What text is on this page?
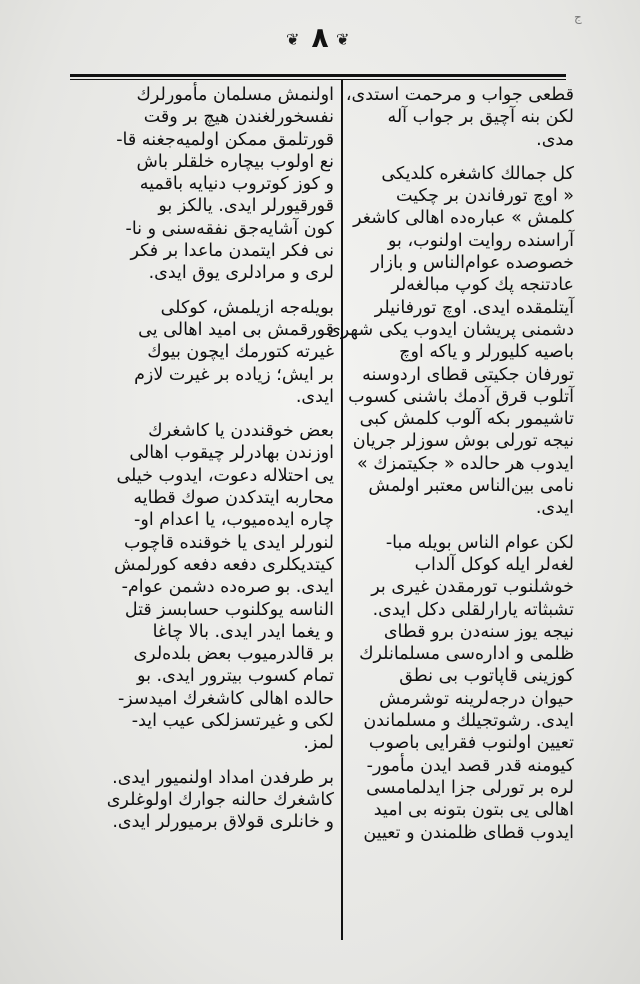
ج
❦ ٨ ❦
قطعی جواب و مرحمت استدی،
لکن بنه آچیق بر جواب آله
مدی.
کل جمالك كاشغره کلدیکی
« اوچ تورفاندن بر چکیت
کلمش » عباره‌ده اهالی کاشغر
آراسنده روایت اولنوب، بو
خصوصده عوام‌الناس و بازار
عادتنجه پك کوپ مبالغه‌لر
آیتلمقده ایدی. اوچ تورفانیلر
دشمنی پریشان ایدوب یکی شهری
باصیه کلیورلر و یاکه اوچ
تورفان جکیتی قطای اردوسنه
آتلوب قرق آدمك باشنی کسوب
تاشیمور بکه آلوب کلمش کبی
نیجه تورلی بوش سوزلر جریان
ایدوب هر حالده « جکیتمزك »
نامی بین‌الناس معتبر اولمش
ایدی.
لکن عوام الناس بویله مبا-
لغه‌لر ایله کوکل آلداب
خوشلنوب تورمقدن غیری بر
تشبثاته یارارلقلی دکل ایدی.
نیجه یوز سنه‌دن برو قطای
ظلمی و اداره‌سی مسلمانلرك
کوزینی قاپاتوب بی نطق
حیوان درجه‌لرینه توشرمش
ایدی. رشوتجیلك و مسلماندن
تعیین اولنوب فقرایی باصوب
کیومنه قدر قصد ایدن مأمور-
لره بر تورلی جزا ایدلمامسی
اهالی یی بتون بتونه بی امید
ایدوب قطای ظلمندن و تعیین
اولنمش مسلمان مأمورلرك
نفسخورلغندن هیچ بر وقت
قورتلمق ممکن اولمیه‌جغنه قا-
نع اولوب بیچاره خلقلر باش
و کوز کوتروب دنیایه باقمیه
قورقیورلر ایدی. یالکز بو
کون آشایه‌جق نفقه‌سنی و نا-
نی فکر ایتمدن ماعدا بر فکر
لری و مرادلری یوق ایدی.
بویله‌جه ازیلمش، کوکلی
قورقمش بی امید اهالی یی
غیرته کتورمك ایچون بیوك
بر ایش؛ زیاده بر غیرت لازم
ایدی.
بعض خوقنددن یا کاشغرك
اوزندن بهادرلر چیقوب اهالی
یی احتلاله دعوت، ایدوب خیلی
محاربه ایتدکدن صوك قطایه
چاره ایده‌میوب، یا اعدام او-
لنورلر ایدی یا خوقنده قاچوب
کیتدیکلری دفعه دفعه کورلمش
ایدی. بو صره‌ده دشمن عوام-
الناسه یوکلنوب حسابسز قتل
و یغما ایدر ایدی. بالا چاغا
بر قالدرمیوب بعض بلده‌لری
تمام کسوب بیترور ایدی. بو
حالده اهالی کاشغرك امیدسز-
لکی و غیرتسزلکی عیب اید-
لمز.
بر طرفدن امداد اولنمیور ایدی.
کاشغرك حالنه جوارك اولوغلری
و خانلری قولاق برمیورلر ایدی.
